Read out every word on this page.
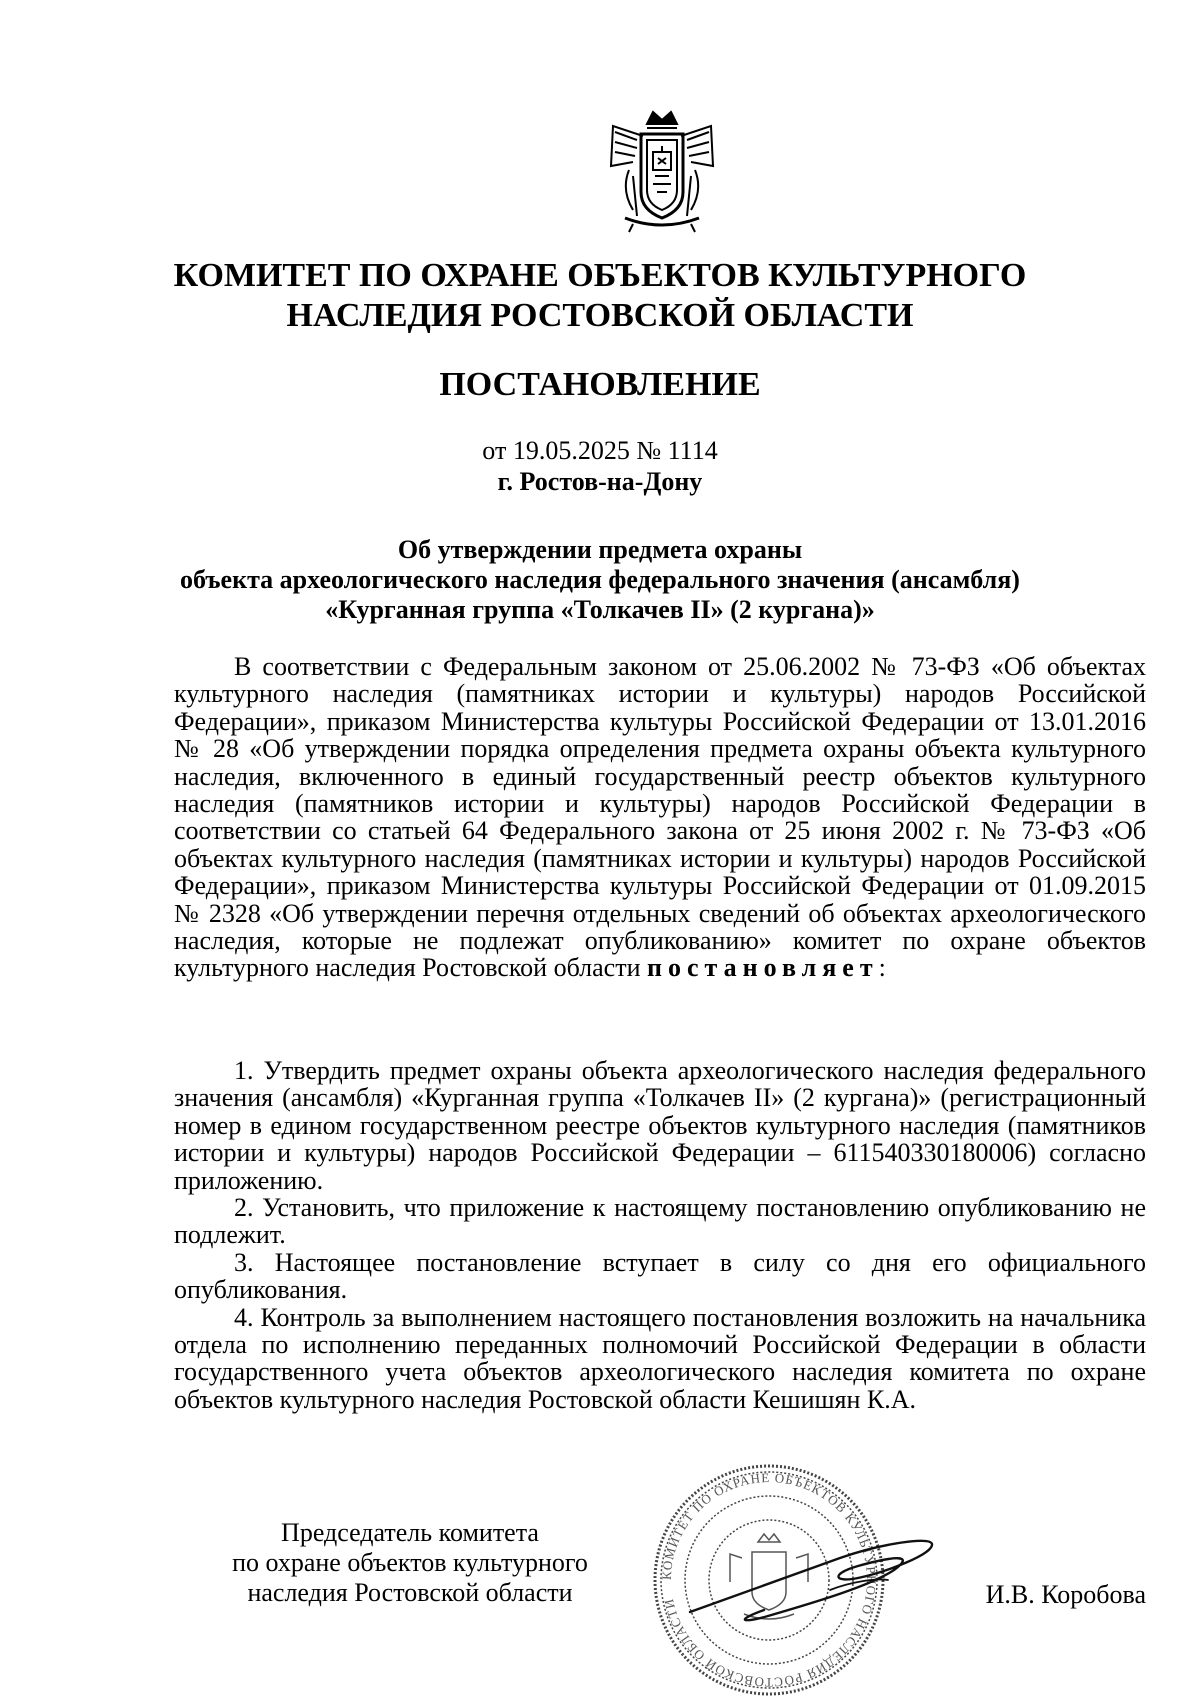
КОМИТЕТ ПО ОХРАНЕ ОБЪЕКТОВ КУЛЬТУРНОГО
НАСЛЕДИЯ РОСТОВСКОЙ ОБЛАСТИ
ПОСТАНОВЛЕНИЕ
от 19.05.2025 № 1114
г. Ростов-на-Дону
Об утверждении предмета охраны
объекта археологического наследия федерального значения (ансамбля)
«Курганная группа «Толкачев II» (2 кургана)»

В соответствии с Федеральным законом от 25.06.2002 № 73-ФЗ «Об объектах культурного наследия (памятниках истории и культуры) народов Российской Федерации», приказом Министерства культуры Российской Федерации от 13.01.2016 № 28 «Об утверждении порядка определения предмета охраны объекта культурного наследия, включенного в единый государственный реестр объектов культурного наследия (памятников истории и культуры) народов Российской Федерации в соответствии со статьей 64 Федерального закона от 25 июня 2002 г. № 73-ФЗ «Об объектах культурного наследия (памятниках истории и культуры) народов Российской Федерации», приказом Министерства культуры Российской Федерации от 01.09.2015 № 2328 «Об утверждении перечня отдельных сведений об объектах археологического наследия, которые не подлежат опубликованию» комитет по охране объектов культурного наследия Ростовской области постановляет:

1. Утвердить предмет охраны объекта археологического наследия федерального значения (ансамбля) «Курганная группа «Толкачев II» (2 кургана)» (регистрационный номер в едином государственном реестре объектов культурного наследия (памятников истории и культуры) народов Российской Федерации – 611540330180006) согласно приложению.

2. Установить, что приложение к настоящему постановлению опубликованию не подлежит.

3. Настоящее постановление вступает в силу со дня его официального опубликования.

4. Контроль за выполнением настоящего постановления возложить на начальника отдела по исполнению переданных полномочий Российской Федерации в области государственного учета объектов археологического наследия комитета по охране объектов культурного наследия Ростовской области Кешишян К.А.

КОМИТЕТ ПО ОХРАНЕ ОБЪЕКТОВ КУЛЬТУРНОГО НАСЛЕДИЯ РОСТОВСКОЙ ОБЛАСТИ
Председатель комитета
по охране объектов культурного
наследия Ростовской области	И.В. Коробова
